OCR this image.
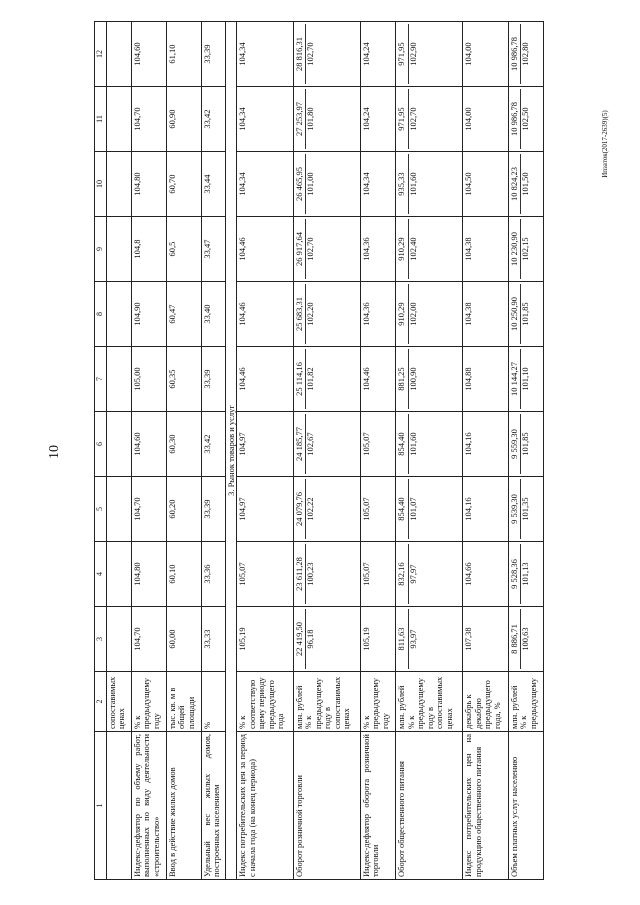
10
Ипзаток(2017-2639)(5)
1	2	3	4	5	6	7	8	9	10	11	12

	сопоставимых ценах										

Индекс-дефлятор по объему работ, выполненных по виду деятельности «строительство»	% к предыдущему году	104,70	104,80	104,70	104,60	105,00	104,90	104,8	104,80	104,70	104,60
Ввод в действие жилых домов	тыс. кв. м в общей площади	60,00	60,10	60,20	60,30	60,35	60,47	60,5	60,70	60,90	61,10
Удельный вес жилых домов, построенных населением	%	33,33	33,36	33,39	33,42	33,39	33,40	33,47	33,44	33,42	33,39
3. Рынок товаров и услуг											
Индекс потребительских цен за период с начала года (на конец периода)	% к соответствую щему периоду предыдущего года	105,19	105,07	104,97	104,97	104,46	104,46	104,46	104,34	104,34	104,34
Оборот розничной торговли	млн. рублей % к предыдущему году в сопоставимых ценах	22 419,50 96,18	23 611,28 100,23	24 079,76 102,22	24 185,77 102,67	25 114,16 101,82	25 683,31 102,20	26 917,64 102,70	26 465,95 101,00	27 253,97 101,80	28 816,31 102,70

Индекс-дефлятор оборота розничной торговли	% к предыдущему году	105,19	105,07	105,07	105,07	104,46	104,36	104,36	104,34	104,24	104,24
Оборот общественного питания	млн. рублей % к предыдущему году в сопоставимых ценах	811,63 93,97	832,16 97,97	854,40 101,07	854,40 101,60	881,25 100,90	910,29 102,00	910,29 102,40	935,33 101,60	971,95 102,70	971,95 102,90

Индекс потребительских цен на продукцию общественного питания	декабрь к декабрю предыдущего года, %	107,38	104,66	104,16	104,16	104,88	104,38	104,38	104,50	104,00	104,00
Объем платных услуг населению	млн. рублей % к предыдущему	8 886,71 100,63	9 528,36 101,13	9 539,30 101,35	9 559,30 101,85	10 144,27 101,10	10 250,90 101,85	10 230,90 102,15	10 824,23 101,50	10 986,78 102,50	10 986,78 102,80
